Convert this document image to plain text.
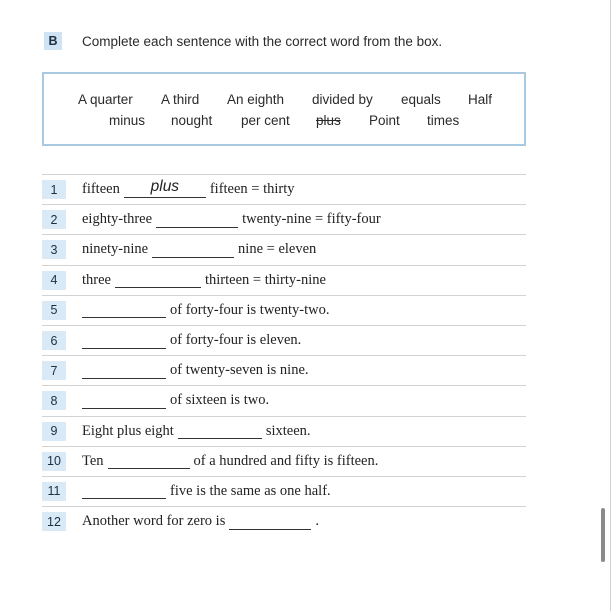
B	Complete each sentence with the correct word from the box.
A quarter A third An eighth divided by equals Half
minus nought per cent plus Point times
1	fifteen	plus	fifteen = thirty
2	eighty-three	twenty-nine = fifty-four
3	ninety-nine	nine = eleven
4	three	thirteen = thirty-nine
5	of forty-four is twenty-two.
6	of forty-four is eleven.
7	of twenty-seven is nine.
8	of sixteen is two.
9	Eight plus eight	sixteen.
10	Ten	of a hundred and fifty is fifteen.
11	five is the same as one half.
12	Another word for zero is	.
